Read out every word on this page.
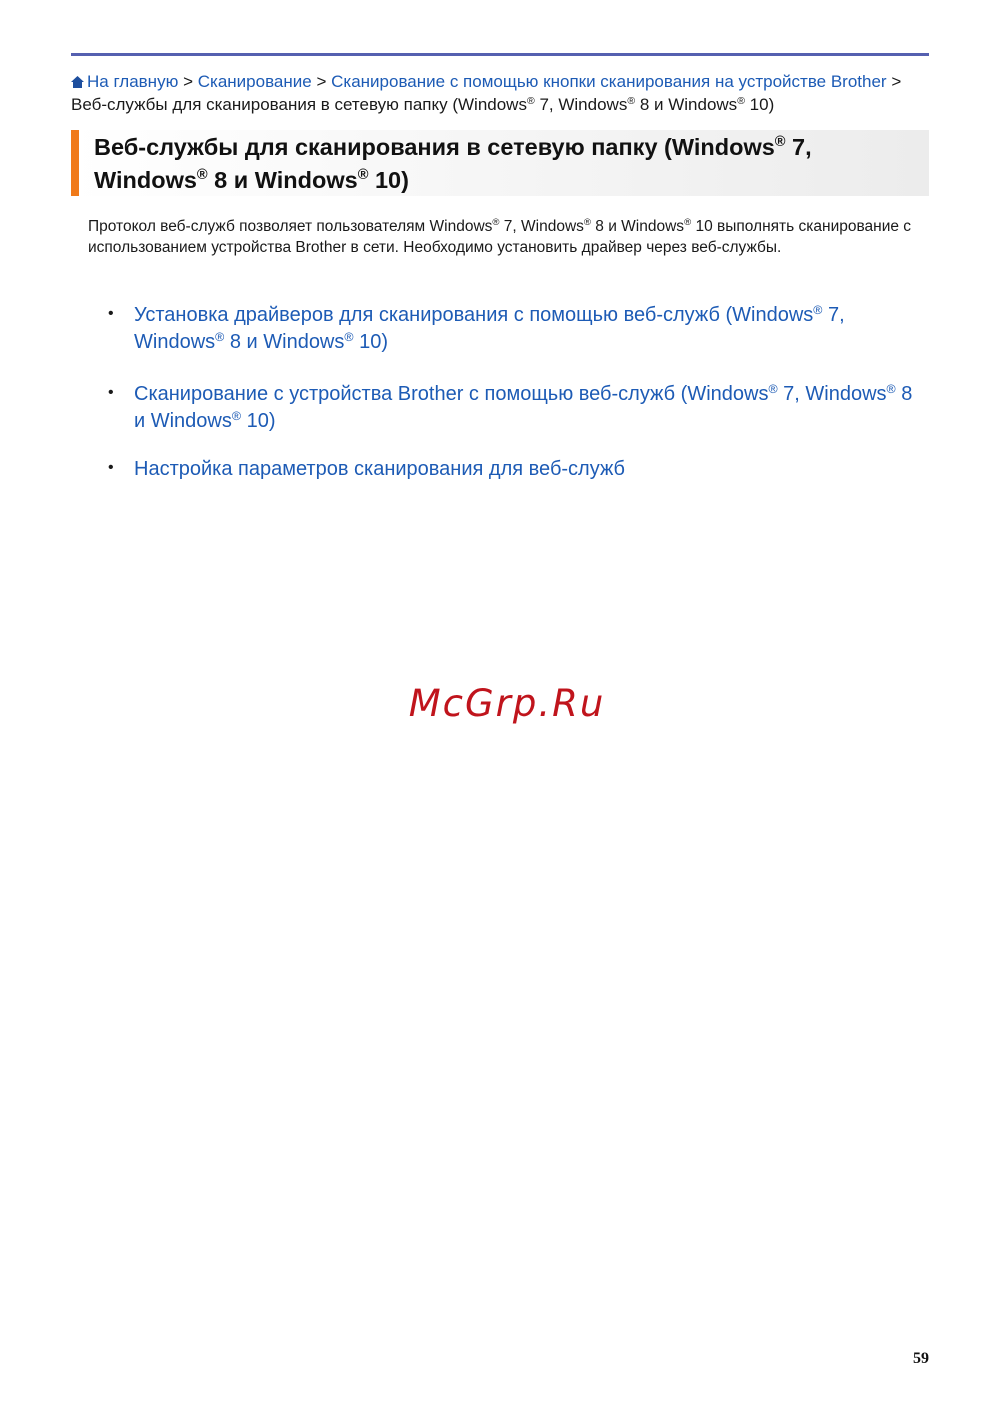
На главную > Сканирование > Сканирование с помощью кнопки сканирования на устройстве Brother > Веб-службы для сканирования в сетевую папку (Windows® 7, Windows® 8 и Windows® 10)
Веб-службы для сканирования в сетевую папку (Windows® 7,
Windows® 8 и Windows® 10)

Протокол веб-служб позволяет пользователям Windows® 7, Windows® 8 и Windows® 10 выполнять сканирование с использованием устройства Brother в сети. Необходимо установить драйвер через веб-службы.

• Установка драйверов для сканирования с помощью веб-служб (Windows® 7,
Windows® 8 и Windows® 10)
• Сканирование с устройства Brother с помощью веб-служб (Windows® 7, Windows® 8
и Windows® 10)
• Настройка параметров сканирования для веб-служб
McGrp.Ru
59
